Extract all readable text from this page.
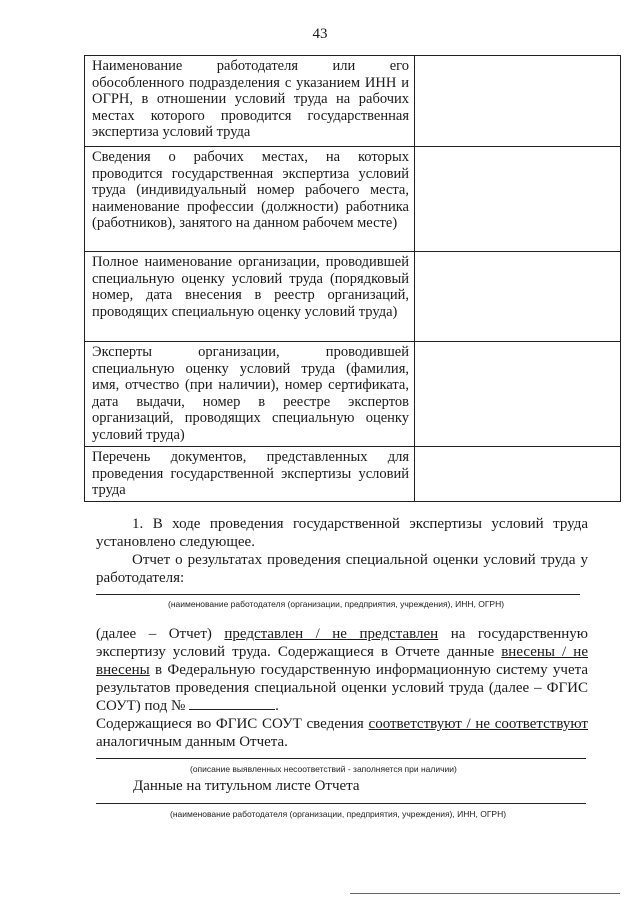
43
Наименование работодателя или его обособленного подразделения с указанием ИНН и ОГРН, в отношении условий труда на рабочих местах которого проводится государственная экспертиза условий труда	
Сведения о рабочих местах, на которых проводится государственная экспертиза условий труда (индивидуальный номер рабочего места, наименование профессии (должности) работника (работников), занятого на данном рабочем месте)	
Полное наименование организации, проводившей специальную оценку условий труда (порядковый номер, дата внесения в реестр организаций, проводящих специальную оценку условий труда)	
Эксперты организации, проводившей специальную оценку условий труда (фамилия, имя, отчество (при наличии), номер сертификата, дата выдачи, номер в реестре экспертов организаций, проводящих специальную оценку условий труда)	
Перечень документов, представленных для проведения государственной экспертизы условий труда	
1. В ходе проведения государственной экспертизы условий труда установлено следующее.
Отчет о результатах проведения специальной оценки условий труда у работодателя:
(наименование работодателя (организации, предприятия, учреждения), ИНН, ОГРН)
(далее – Отчет) представлен / не представлен на государственную экспертизу условий труда. Содержащиеся в Отчете данные внесены / не внесены в Федеральную государственную информационную систему учета результатов проведения специальной оценки условий труда (далее – ФГИС СОУТ) под №	.
Содержащиеся во ФГИС СОУТ сведения соответствуют / не соответствуют аналогичным данным Отчета.
(описание выявленных несоответствий - заполняется при наличии)
Данные на титульном листе Отчета
(наименование работодателя (организации, предприятия, учреждения), ИНН, ОГРН)
